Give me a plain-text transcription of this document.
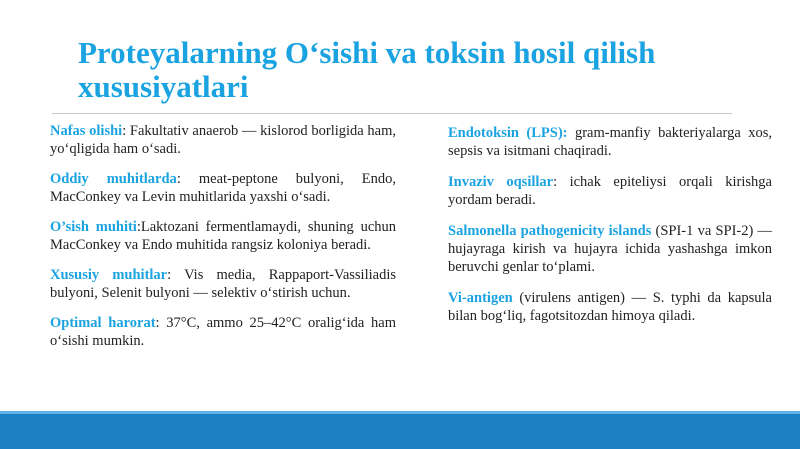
Proteyalarning O‘sishi va toksin hosil qilish xususiyatlari

Nafas olishi: Fakultativ anaerob — kislorod borligida ham, yo‘qligida ham o‘sadi.

Oddiy muhitlarda: meat-peptone bulyoni, Endo, MacConkey va Levin muhitlarida yaxshi o‘sadi.

O’sish muhiti:Laktozani fermentlamaydi, shuning uchun MacConkey va Endo muhitida rangsiz koloniya beradi.

Xususiy muhitlar: Vis media, Rappaport-Vassiliadis bulyoni, Selenit bulyoni — selektiv o‘stirish uchun.

Optimal harorat: 37°C, ammo 25–42°C oralig‘ida ham o‘sishi mumkin.

Endotoksin (LPS): gram-manfiy bakteriyalarga xos, sepsis va isitmani chaqiradi.

Invaziv oqsillar: ichak epiteliysi orqali kirishga yordam beradi.

Salmonella pathogenicity islands (SPI-1 va SPI-2) — hujayraga kirish va hujayra ichida yashashga imkon beruvchi genlar to‘plami.

Vi-antigen (virulens antigen) — S. typhi da kapsula bilan bog‘liq, fagotsitozdan himoya qiladi.
